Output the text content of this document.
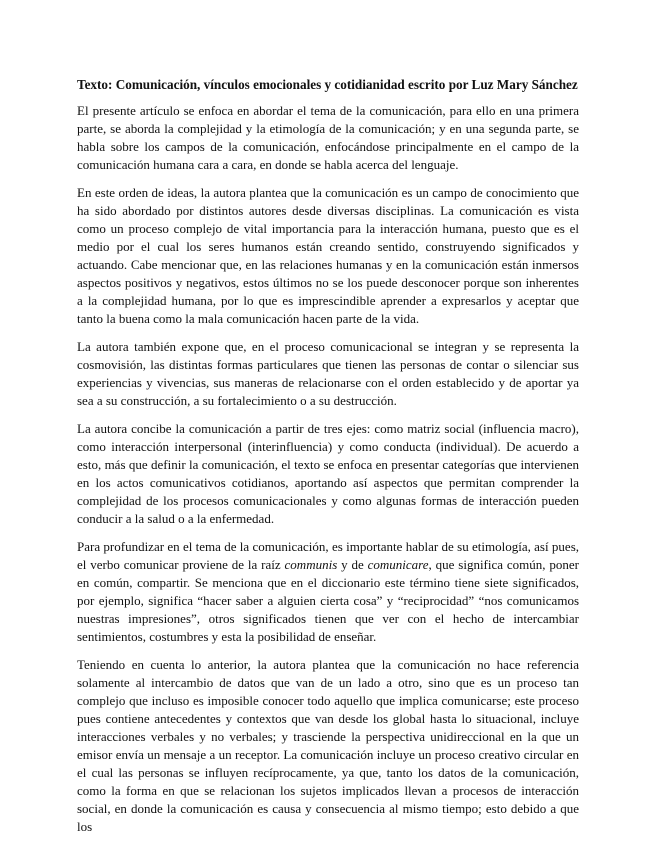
Texto: Comunicación, vínculos emocionales y cotidianidad escrito por Luz Mary Sánchez

El presente artículo se enfoca en abordar el tema de la comunicación, para ello en una primera parte, se aborda la complejidad y la etimología de la comunicación; y en una segunda parte, se habla sobre los campos de la comunicación, enfocándose principalmente en el campo de la comunicación humana cara a cara, en donde se habla acerca del lenguaje.

En este orden de ideas, la autora plantea que la comunicación es un campo de conocimiento que ha sido abordado por distintos autores desde diversas disciplinas. La comunicación es vista como un proceso complejo de vital importancia para la interacción humana, puesto que es el medio por el cual los seres humanos están creando sentido, construyendo significados y actuando. Cabe mencionar que, en las relaciones humanas y en la comunicación están inmersos aspectos positivos y negativos, estos últimos no se los puede desconocer porque son inherentes a la complejidad humana, por lo que es imprescindible aprender a expresarlos y aceptar que tanto la buena como la mala comunicación hacen parte de la vida.

La autora también expone que, en el proceso comunicacional se integran y se representa la cosmovisión, las distintas formas particulares que tienen las personas de contar o silenciar sus experiencias y vivencias, sus maneras de relacionarse con el orden establecido y de aportar ya sea a su construcción, a su fortalecimiento o a su destrucción.

La autora concibe la comunicación a partir de tres ejes: como matriz social (influencia macro), como interacción interpersonal (interinfluencia) y como conducta (individual). De acuerdo a esto, más que definir la comunicación, el texto se enfoca en presentar categorías que intervienen en los actos comunicativos cotidianos, aportando así aspectos que permitan comprender la complejidad de los procesos comunicacionales y como algunas formas de interacción pueden conducir a la salud o a la enfermedad.

Para profundizar en el tema de la comunicación, es importante hablar de su etimología, así pues, el verbo comunicar proviene de la raíz communis y de comunicare, que significa común, poner en común, compartir. Se menciona que en el diccionario este término tiene siete significados, por ejemplo, significa “hacer saber a alguien cierta cosa” y “reciprocidad” “nos comunicamos nuestras impresiones”, otros significados tienen que ver con el hecho de intercambiar sentimientos, costumbres y esta la posibilidad de enseñar.

Teniendo en cuenta lo anterior, la autora plantea que la comunicación no hace referencia solamente al intercambio de datos que van de un lado a otro, sino que es un proceso tan complejo que incluso es imposible conocer todo aquello que implica comunicarse; este proceso pues contiene antecedentes y contextos que van desde los global hasta lo situacional, incluye interacciones verbales y no verbales; y trasciende la perspectiva unidireccional en la que un emisor envía un mensaje a un receptor. La comunicación incluye un proceso creativo circular en el cual las personas se influyen recíprocamente, ya que, tanto los datos de la comunicación, como la forma en que se relacionan los sujetos implicados llevan a procesos de interacción social, en donde la comunicación es causa y consecuencia al mismo tiempo; esto debido a que los
